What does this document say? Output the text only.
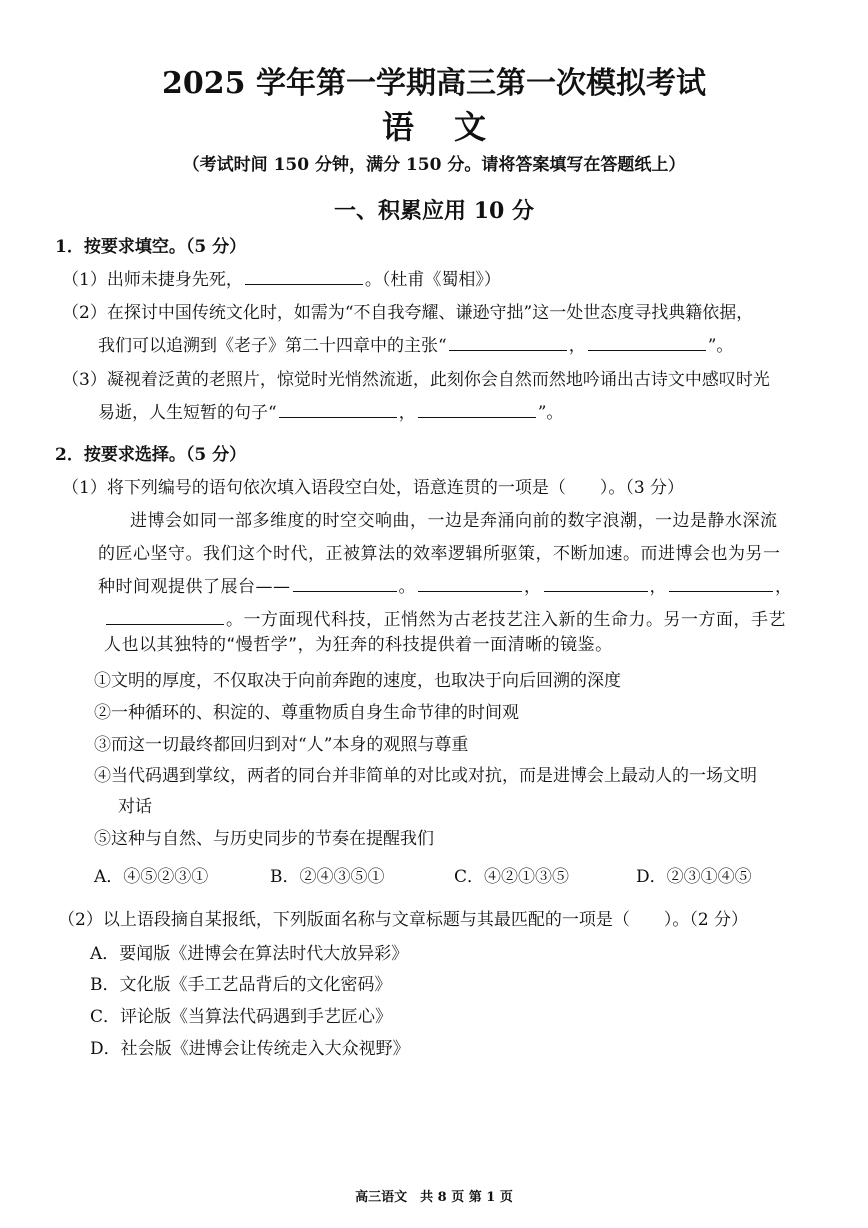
2025 学年第一学期高三第一次模拟考试
语文
（考试时间 150 分钟，满分 150 分。请将答案填写在答题纸上）
一、积累应用 10 分
1．按要求填空。（5 分）
（1）出师未捷身先死，	。（杜甫《蜀相》）
（2）在探讨中国传统文化时，如需为“不自我夸耀、谦逊守拙”这一处世态度寻找典籍依据，
我们可以追溯到《老子》第二十四章中的主张“	，	”。
（3）凝视着泛黄的老照片，惊觉时光悄然流逝，此刻你会自然而然地吟诵出古诗文中感叹时光
易逝，人生短暂的句子“	，	”。
2．按要求选择。（5 分）
（1）将下列编号的语句依次填入语段空白处，语意连贯的一项是（　　）。（3 分）
进博会如同一部多维度的时空交响曲，一边是奔涌向前的数字浪潮，一边是静水深流
的匠心坚守。我们这个时代，正被算法的效率逻辑所驱策，不断加速。而进博会也为另一
种时间观提供了展台——	。	，	，	，
。一方面现代科技，正悄然为古老技艺注入新的生命力。另一方面，手艺
人也以其独特的“慢哲学”，为狂奔的科技提供着一面清晰的镜鉴。
①文明的厚度，不仅取决于向前奔跑的速度，也取决于向后回溯的深度
②一种循环的、积淀的、尊重物质自身生命节律的时间观
③而这一切最终都回归到对“人”本身的观照与尊重
④当代码遇到掌纹，两者的同台并非简单的对比或对抗，而是进博会上最动人的一场文明
对话
⑤这种与自然、与历史同步的节奏在提醒我们
A．④⑤②③①	B．②④③⑤①	C．④②①③⑤	D．②③①④⑤
（2）以上语段摘自某报纸，下列版面名称与文章标题与其最匹配的一项是（　　）。（2 分）
A．要闻版《进博会在算法时代大放异彩》
B．文化版《手工艺品背后的文化密码》
C．评论版《当算法代码遇到手艺匠心》
D．社会版《进博会让传统走入大众视野》
高三语文　共 8 页 第 1 页
